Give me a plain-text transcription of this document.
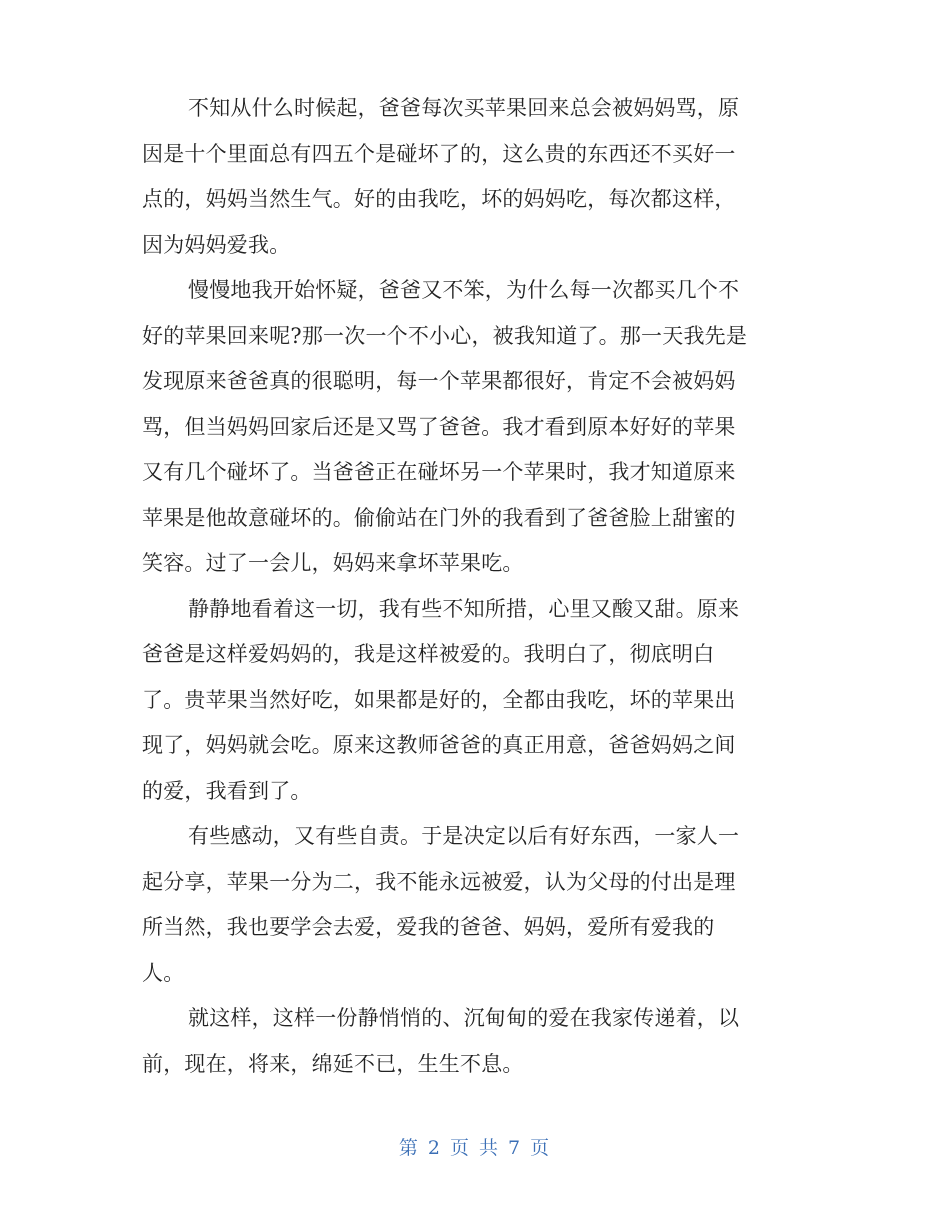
不知从什么时候起，爸爸每次买苹果回来总会被妈妈骂，原
因是十个里面总有四五个是碰坏了的，这么贵的东西还不买好一
点的，妈妈当然生气。好的由我吃，坏的妈妈吃，每次都这样，
因为妈妈爱我。
慢慢地我开始怀疑，爸爸又不笨，为什么每一次都买几个不
好的苹果回来呢?那一次一个不小心，被我知道了。那一天我先是
发现原来爸爸真的很聪明，每一个苹果都很好，肯定不会被妈妈
骂，但当妈妈回家后还是又骂了爸爸。我才看到原本好好的苹果
又有几个碰坏了。当爸爸正在碰坏另一个苹果时，我才知道原来
苹果是他故意碰坏的。偷偷站在门外的我看到了爸爸脸上甜蜜的
笑容。过了一会儿，妈妈来拿坏苹果吃。
静静地看着这一切，我有些不知所措，心里又酸又甜。原来
爸爸是这样爱妈妈的，我是这样被爱的。我明白了，彻底明白
了。贵苹果当然好吃，如果都是好的，全都由我吃，坏的苹果出
现了，妈妈就会吃。原来这教师爸爸的真正用意，爸爸妈妈之间
的爱，我看到了。
有些感动，又有些自责。于是决定以后有好东西，一家人一
起分享，苹果一分为二，我不能永远被爱，认为父母的付出是理
所当然，我也要学会去爱，爱我的爸爸、妈妈，爱所有爱我的
人。
就这样，这样一份静悄悄的、沉甸甸的爱在我家传递着，以
前，现在，将来，绵延不已，生生不息。
第 2 页 共 7 页
